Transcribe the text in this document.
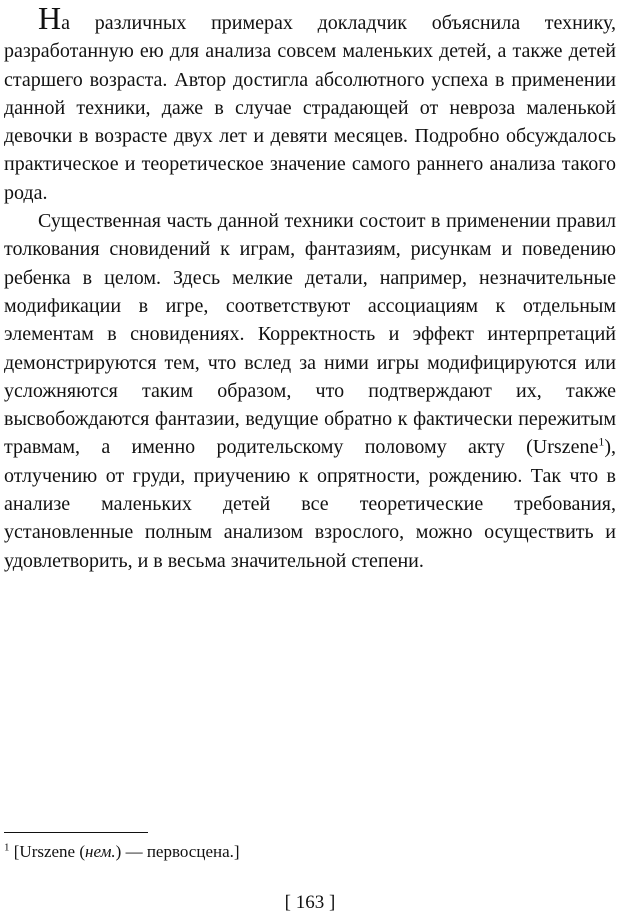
На различных примерах докладчик объяснила технику, разработанную ею для анализа совсем маленьких детей, а также детей старшего возраста. Автор достигла абсолютного успеха в применении данной техники, даже в случае страдающей от невроза маленькой девочки в возрасте двух лет и девяти месяцев. Подробно обсуждалось практическое и теоретическое значение самого раннего анализа такого рода.

Существенная часть данной техники состоит в применении правил толкования сновидений к играм, фантазиям, рисункам и поведению ребенка в целом. Здесь мелкие детали, например, незначительные модификации в игре, соответствуют ассоциациям к отдельным элементам в сновидениях. Корректность и эффект интерпретаций демонстрируются тем, что вслед за ними игры модифицируются или усложняются таким образом, что подтверждают их, также высвобождаются фантазии, ведущие обратно к фактически пережитым травмам, а именно родительскому половому акту (Urszene$^1$), отлучению от груди, приучению к опрятности, рождению. Так что в анализе маленьких детей все теоретические требования, установленные полным анализом взрослого, можно осуществить и удовлетворить, и в весьма значительной степени.

$^1$ [Urszene (нем.) — первосцена.]
[ 163 ]
